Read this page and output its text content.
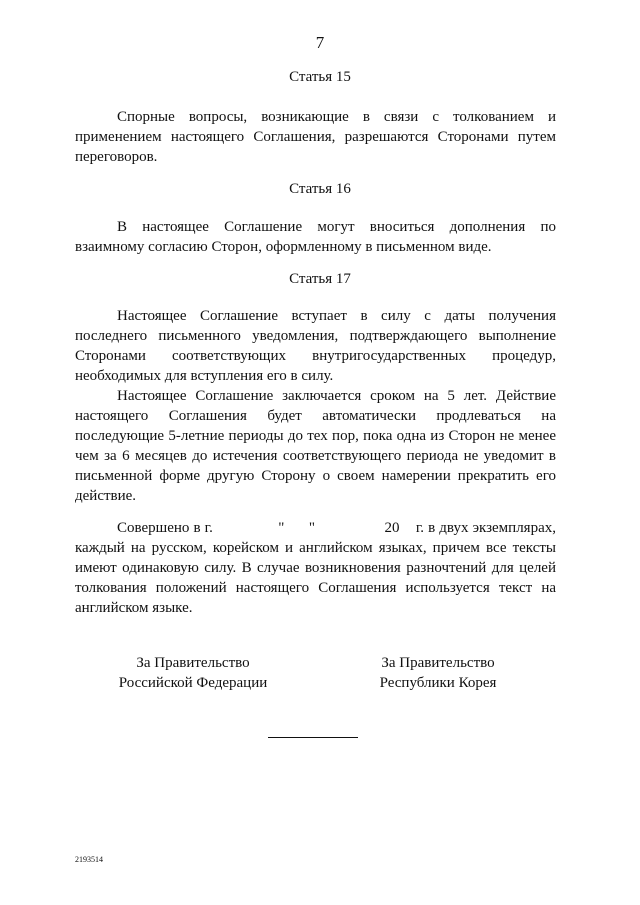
7
Статья 15
Спорные вопросы, возникающие в связи с толкованием и применением настоящего Соглашения, разрешаются Сторонами путем переговоров.
Статья 16
В настоящее Соглашение могут вноситься дополнения по взаимному согласию Сторон, оформленному в письменном виде.
Статья 17
Настоящее Соглашение вступает в силу с даты получения последнего письменного уведомления, подтверждающего выполнение Сторонами соответствующих внутригосударственных процедур, необходимых для вступления его в силу.
Настоящее Соглашение заключается сроком на 5 лет. Действие настоящего Соглашения будет автоматически продлеваться на последующие 5-летние периоды до тех пор, пока одна из Сторон не менее чем за 6 месяцев до истечения соответствующего периода не уведомит в письменной форме другую Сторону о своем намерении прекратить его действие.
Совершено в г.                "      "                 20    г. в двух экземплярах, каждый на русском, корейском и английском языках, причем все тексты имеют одинаковую силу. В случае возникновения разночтений для целей толкования положений настоящего Соглашения используется текст на английском языке.
За Правительство
Российской Федерации
За Правительство
Республики Корея
2193514
